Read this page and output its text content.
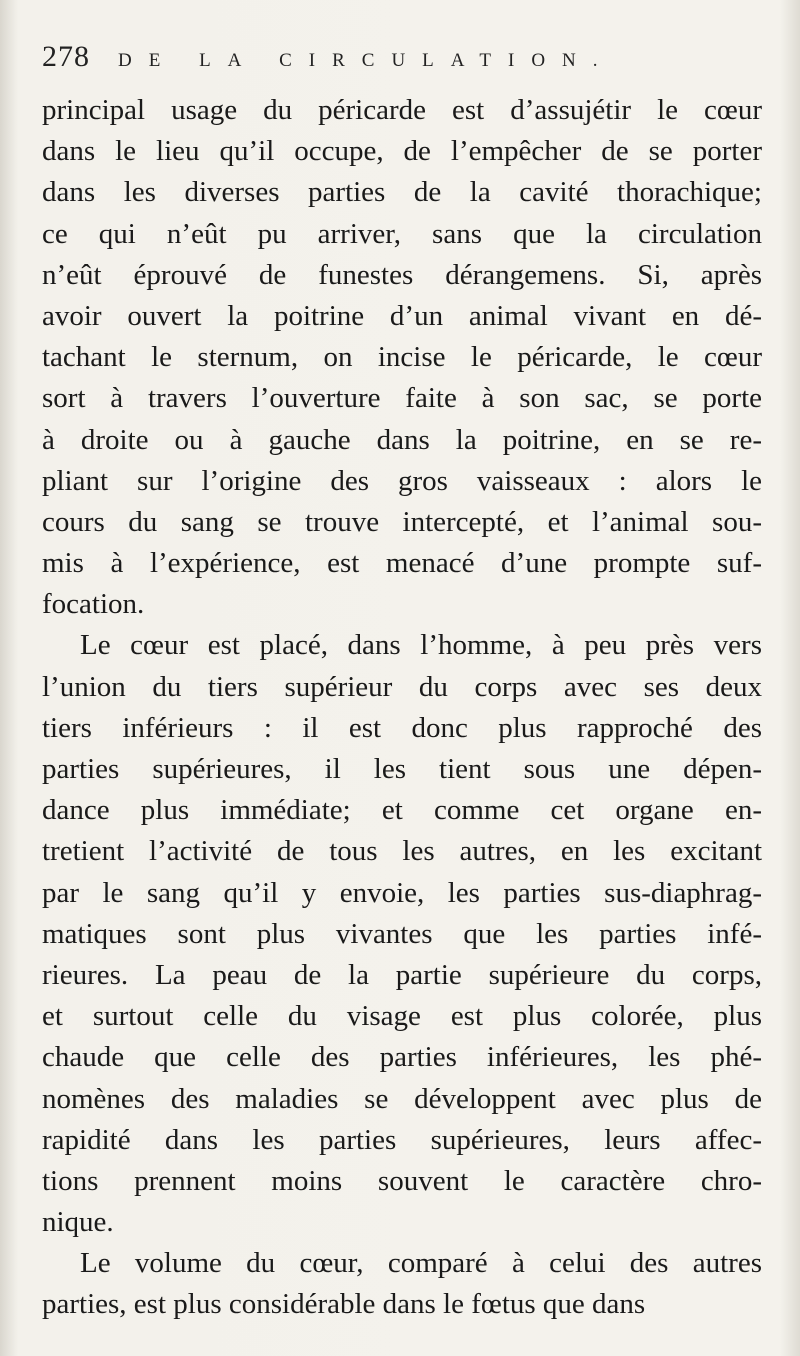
278 DE LA CIRCULATION.
principal usage du péricarde est d’assujétir le cœur
dans le lieu qu’il occupe, de l’empêcher de se porter
dans les diverses parties de la cavité thorachique;
ce qui n’eût pu arriver, sans que la circulation
n’eût éprouvé de funestes dérangemens. Si, après
avoir ouvert la poitrine d’un animal vivant en dé-
tachant le sternum, on incise le péricarde, le cœur
sort à travers l’ouverture faite à son sac, se porte
à droite ou à gauche dans la poitrine, en se re-
pliant sur l’origine des gros vaisseaux : alors le
cours du sang se trouve intercepté, et l’animal sou-
mis à l’expérience, est menacé d’une prompte suf-
focation.
Le cœur est placé, dans l’homme, à peu près vers
l’union du tiers supérieur du corps avec ses deux
tiers inférieurs : il est donc plus rapproché des
parties supérieures, il les tient sous une dépen-
dance plus immédiate; et comme cet organe en-
tretient l’activité de tous les autres, en les excitant
par le sang qu’il y envoie, les parties sus-diaphrag-
matiques sont plus vivantes que les parties infé-
rieures. La peau de la partie supérieure du corps,
et surtout celle du visage est plus colorée, plus
chaude que celle des parties inférieures, les phé-
nomènes des maladies se développent avec plus de
rapidité dans les parties supérieures, leurs affec-
tions prennent moins souvent le caractère chro-
nique.
Le volume du cœur, comparé à celui des autres
parties, est plus considérable dans le fœtus que dans
